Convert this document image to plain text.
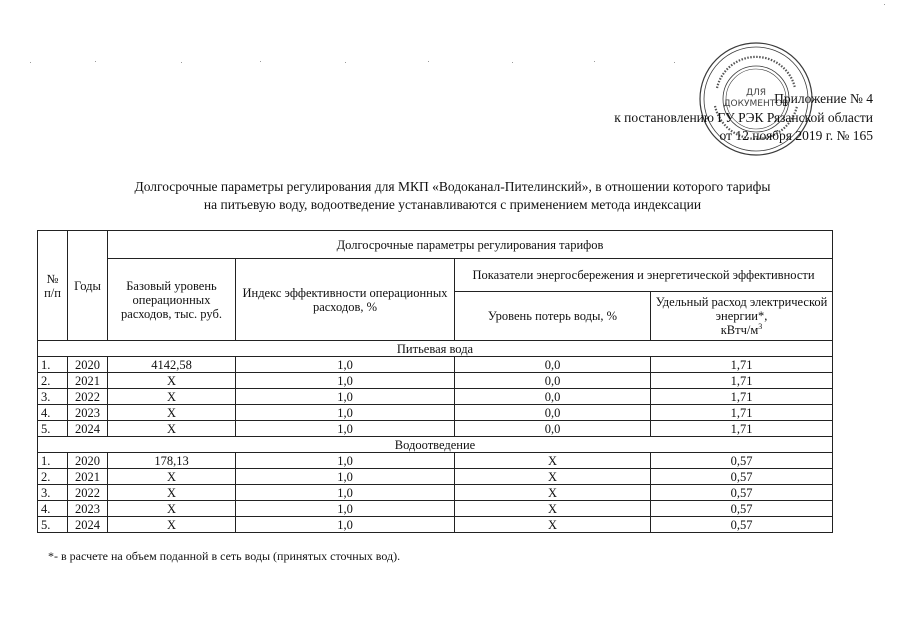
ДЛЯ
ДОКУМЕНТОВ
Приложение № 4
к постановлению ГУ РЭК Рязанской области
от 12 ноября 2019 г. № 165
Долгосрочные параметры регулирования для МКП «Водоканал-Пителинский», в отношении которого тарифы
на питьевую воду, водоотведение устанавливаются с применением метода индексации
№ п/п	Годы	Долгосрочные параметры регулирования тарифов			
		Базовый уровень операционных расходов, тыс. руб.	Индекс эффективности операционных расходов, %	Показатели энергосбережения и энергетической эффективности	
				Уровень потерь воды, %	Удельный расход электрической энергии*,
кВтч/$м^3$
Питьевая вода					
1.	2020	4142,58	1,0	0,0	1,71
2.	2021	Х	1,0	0,0	1,71
3.	2022	Х	1,0	0,0	1,71
4.	2023	Х	1,0	0,0	1,71
5.	2024	Х	1,0	0,0	1,71
Водоотведение					
1.	2020	178,13	1,0	Х	0,57
2.	2021	Х	1,0	Х	0,57
3.	2022	Х	1,0	Х	0,57
4.	2023	Х	1,0	Х	0,57
5.	2024	Х	1,0	Х	0,57
*- в расчете на объем поданной в сеть воды (принятых сточных вод).
